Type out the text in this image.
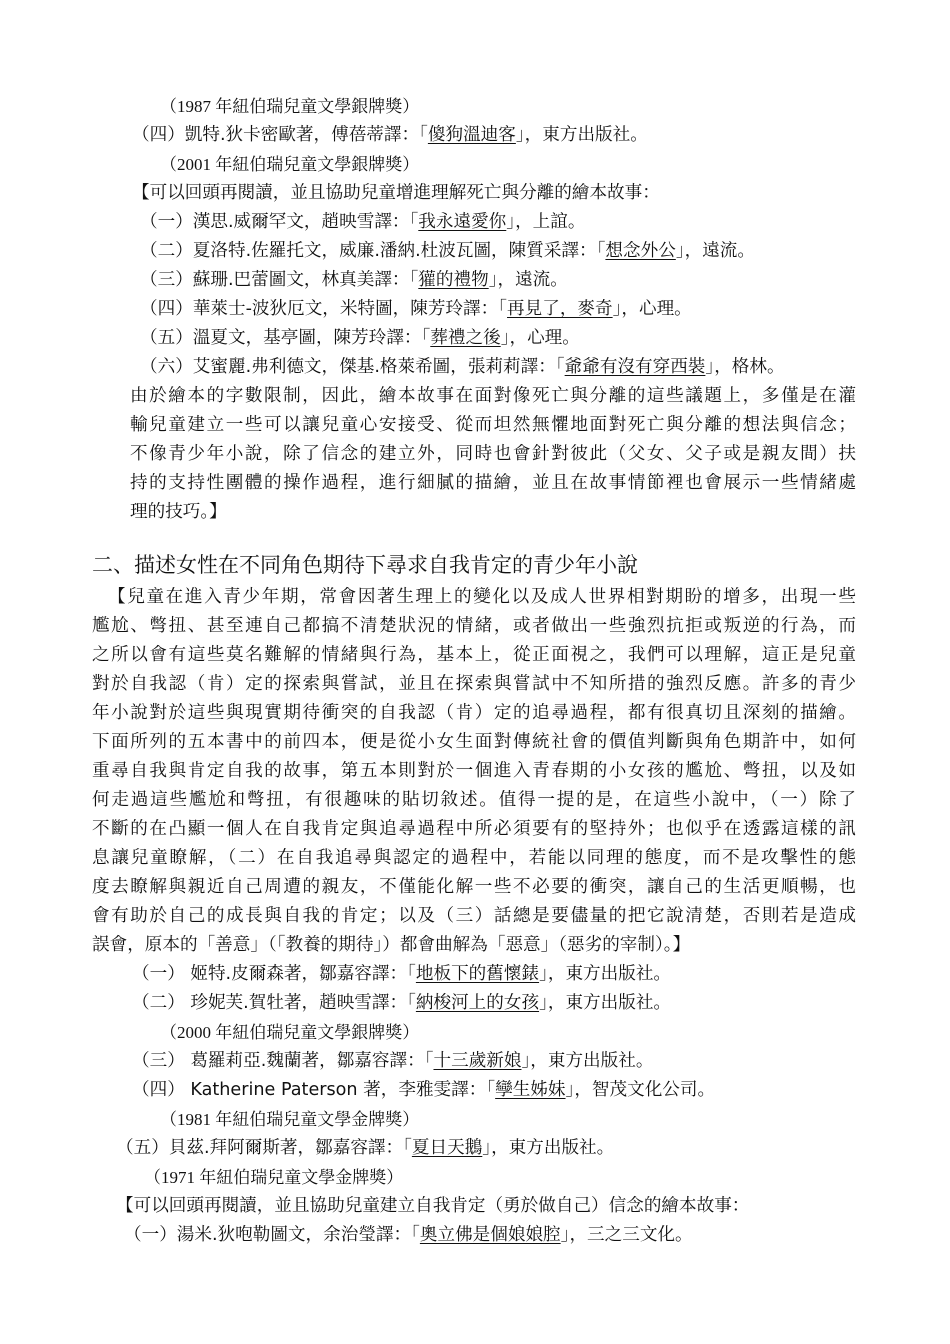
（1987 年紐伯瑞兒童文學銀牌獎）
（四）凱特.狄卡密歐著，傅蓓蒂譯：「傻狗溫迪客」，東方出版社。
（2001 年紐伯瑞兒童文學銀牌獎）
【可以回頭再閱讀，並且協助兒童增進理解死亡與分離的繪本故事：
（一）漢思.威爾罕文，趙映雪譯：「我永遠愛你」，上誼。
（二）夏洛特.佐羅托文，威廉.潘納.杜波瓦圖，陳質采譯：「想念外公」，遠流。
（三）蘇珊.巴蕾圖文，林真美譯：「獾的禮物」，遠流。
（四）華萊士-波狄厄文，米特圖，陳芳玲譯：「再見了，麥奇」，心理。
（五）溫夏文，基亭圖，陳芳玲譯：「葬禮之後」，心理。
（六）艾蜜麗.弗利德文，傑基.格萊希圖，張莉莉譯：「爺爺有沒有穿西裝」，格林。
由於繪本的字數限制，因此，繪本故事在面對像死亡與分離的這些議題上，多僅是在灌
輸兒童建立一些可以讓兒童心安接受、從而坦然無懼地面對死亡與分離的想法與信念；
不像青少年小說，除了信念的建立外，同時也會針對彼此（父女、父子或是親友間）扶
持的支持性團體的操作過程，進行細膩的描繪，並且在故事情節裡也會展示一些情緒處
理的技巧。】
二、描述女性在不同角色期待下尋求自我肯定的青少年小說
【兒童在進入青少年期，常會因著生理上的變化以及成人世界相對期盼的增多，出現一些
尷尬、彆扭、甚至連自己都搞不清楚狀況的情緒，或者做出一些強烈抗拒或叛逆的行為，而
之所以會有這些莫名難解的情緒與行為，基本上，從正面視之，我們可以理解，這正是兒童
對於自我認（肯）定的探索與嘗試，並且在探索與嘗試中不知所措的強烈反應。許多的青少
年小說對於這些與現實期待衝突的自我認（肯）定的追尋過程，都有很真切且深刻的描繪。
下面所列的五本書中的前四本，便是從小女生面對傳統社會的價值判斷與角色期許中，如何
重尋自我與肯定自我的故事，第五本則對於一個進入青春期的小女孩的尷尬、彆扭，以及如
何走過這些尷尬和彆扭，有很趣味的貼切敘述。值得一提的是，在這些小說中，（一）除了
不斷的在凸顯一個人在自我肯定與追尋過程中所必須要有的堅持外；也似乎在透露這樣的訊
息讓兒童瞭解，（二）在自我追尋與認定的過程中，若能以同理的態度，而不是攻擊性的態
度去瞭解與親近自己周遭的親友，不僅能化解一些不必要的衝突，讓自己的生活更順暢，也
會有助於自己的成長與自我的肯定；以及（三）話總是要儘量的把它說清楚，否則若是造成
誤會，原本的「善意」（「教養的期待」）都會曲解為「惡意」（惡劣的宰制）。】
（一） 姬特.皮爾森著，鄒嘉容譯：「地板下的舊懷錶」，東方出版社。
（二） 珍妮芙.賀牡著，趙映雪譯：「納梭河上的女孩」，東方出版社。
（2000 年紐伯瑞兒童文學銀牌獎）
（三） 葛羅莉亞.魏蘭著，鄒嘉容譯：「十三歲新娘」，東方出版社。
（四） Katherine Paterson 著，李雅雯譯：「孿生姊妹」，智茂文化公司。
（1981 年紐伯瑞兒童文學金牌獎）
（五）貝茲.拜阿爾斯著，鄒嘉容譯：「夏日天鵝」，東方出版社。
（1971 年紐伯瑞兒童文學金牌獎）
【可以回頭再閱讀，並且協助兒童建立自我肯定（勇於做自己）信念的繪本故事：
（一）湯米.狄咆勒圖文，余治瑩譯：「奧立佛是個娘娘腔」，三之三文化。
